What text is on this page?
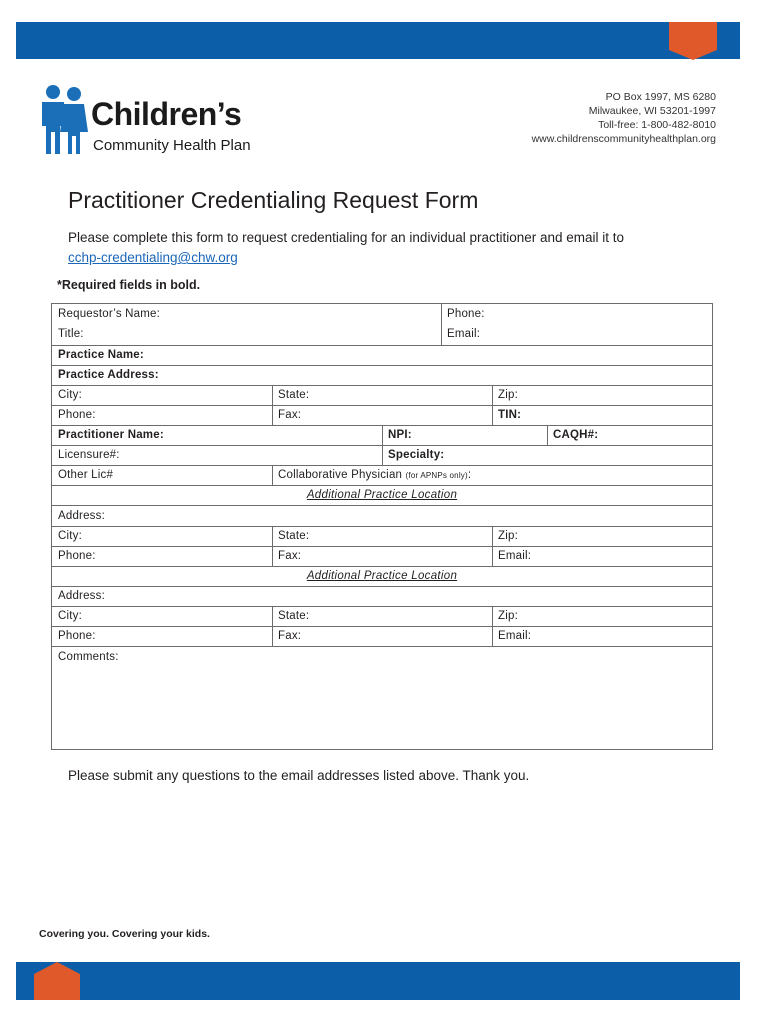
Children’s
Community Health Plan
PO Box 1997, MS 6280
Milwaukee, WI 53201-1997
Toll-free: 1-800-482-8010
www.childrenscommunityhealthplan.org
Practitioner Credentialing Request Form
Please complete this form to request credentialing for an individual practitioner and email it to
cchp-credentialing@chw.org
*Required fields in bold.
Requestor’s Name:	Phone:
Title:	Email:
Practice Name:
Practice Address:
City:	State:	Zip:
Phone:	Fax:	TIN:
Practitioner Name:	NPI:	CAQH#:
Licensure#:	Specialty:
Other Lic#	Collaborative Physician (for APNPs only):
Additional Practice Location
Address:
City:	State:	Zip:
Phone:	Fax:	Email:
Additional Practice Location
Address:
City:	State:	Zip:
Phone:	Fax:	Email:
Comments:
Please submit any questions to the email addresses listed above. Thank you.
Covering you. Covering your kids.
